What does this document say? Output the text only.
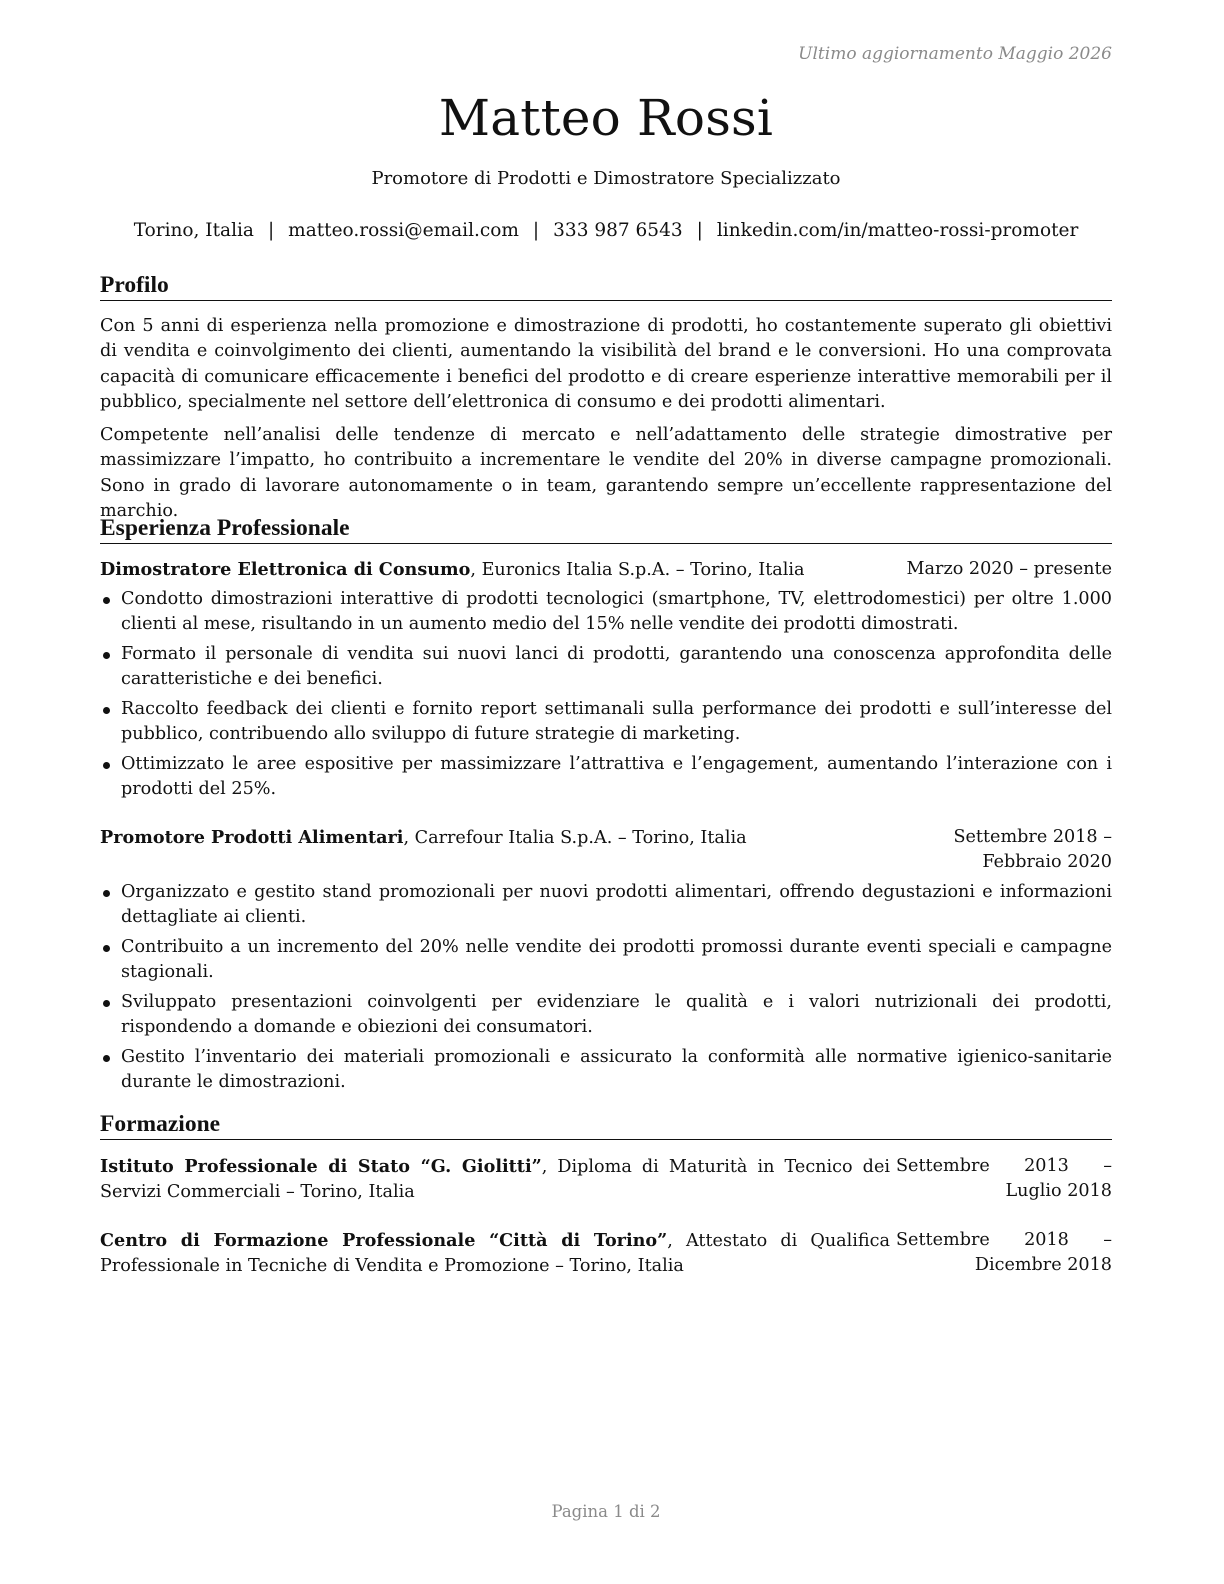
Ultimo aggiornamento Maggio 2026
Matteo Rossi
Promotore di Prodotti e Dimostratore Specializzato
Torino, Italia | matteo.rossi@email.com | 333 987 6543 | linkedin.com/in/matteo-rossi-promoter
Profilo
Con 5 anni di esperienza nella promozione e dimostrazione di prodotti, ho costantemente superato gli obiettivi di vendita e coinvolgimento dei clienti, aumentando la visibilità del brand e le conversioni. Ho una comprovata capacità di comunicare efficacemente i benefici del prodotto e di creare esperienze interattive memorabili per il pubblico, specialmente nel settore dell’elettronica di consumo e dei prodotti alimentari.
Competente nell’analisi delle tendenze di mercato e nell’adattamento delle strategie dimostrative per massimizzare l’impatto, ho contribuito a incrementare le vendite del 20% in diverse campagne promozionali. Sono in grado di lavorare autonomamente o in team, garantendo sempre un’eccellente rappresentazione del marchio.
Esperienza Professionale
Dimostratore Elettronica di Consumo, Euronics Italia S.p.A. – Torino, Italia	Marzo 2020 – presente
Condotto dimostrazioni interattive di prodotti tecnologici (smartphone, TV, elettrodomestici) per oltre 1.000 clienti al mese, risultando in un aumento medio del 15% nelle vendite dei prodotti dimostrati.
Formato il personale di vendita sui nuovi lanci di prodotti, garantendo una conoscenza approfondita delle caratteristiche e dei benefici.
Raccolto feedback dei clienti e fornito report settimanali sulla performance dei prodotti e sull’interesse del pubblico, contribuendo allo sviluppo di future strategie di marketing.
Ottimizzato le aree espositive per massimizzare l’attrattiva e l’engagement, aumentando l’interazione con i prodotti del 25%.
Promotore Prodotti Alimentari, Carrefour Italia S.p.A. – Torino, Italia	Settembre 2018 – Febbraio 2020
Organizzato e gestito stand promozionali per nuovi prodotti alimentari, offrendo degustazioni e informazioni dettagliate ai clienti.
Contribuito a un incremento del 20% nelle vendite dei prodotti promossi durante eventi speciali e campagne stagionali.
Sviluppato presentazioni coinvolgenti per evidenziare le qualità e i valori nutrizionali dei prodotti, rispondendo a domande e obiezioni dei consumatori.
Gestito l’inventario dei materiali promozionali e assicurato la conformità alle normative igienico-sanitarie durante le dimostrazioni.
Formazione
Istituto Professionale di Stato “G. Giolitti”, Diploma di Maturità in Tecnico dei Servizi Commerciali – Torino, Italia
Settembre 2013 – Luglio 2018
Centro di Formazione Professionale “Città di Torino”, Attestato di Qualifica Professionale in Tecniche di Vendita e Promozione – Torino, Italia
Settembre 2018 – Dicembre 2018
Pagina 1 di 2
